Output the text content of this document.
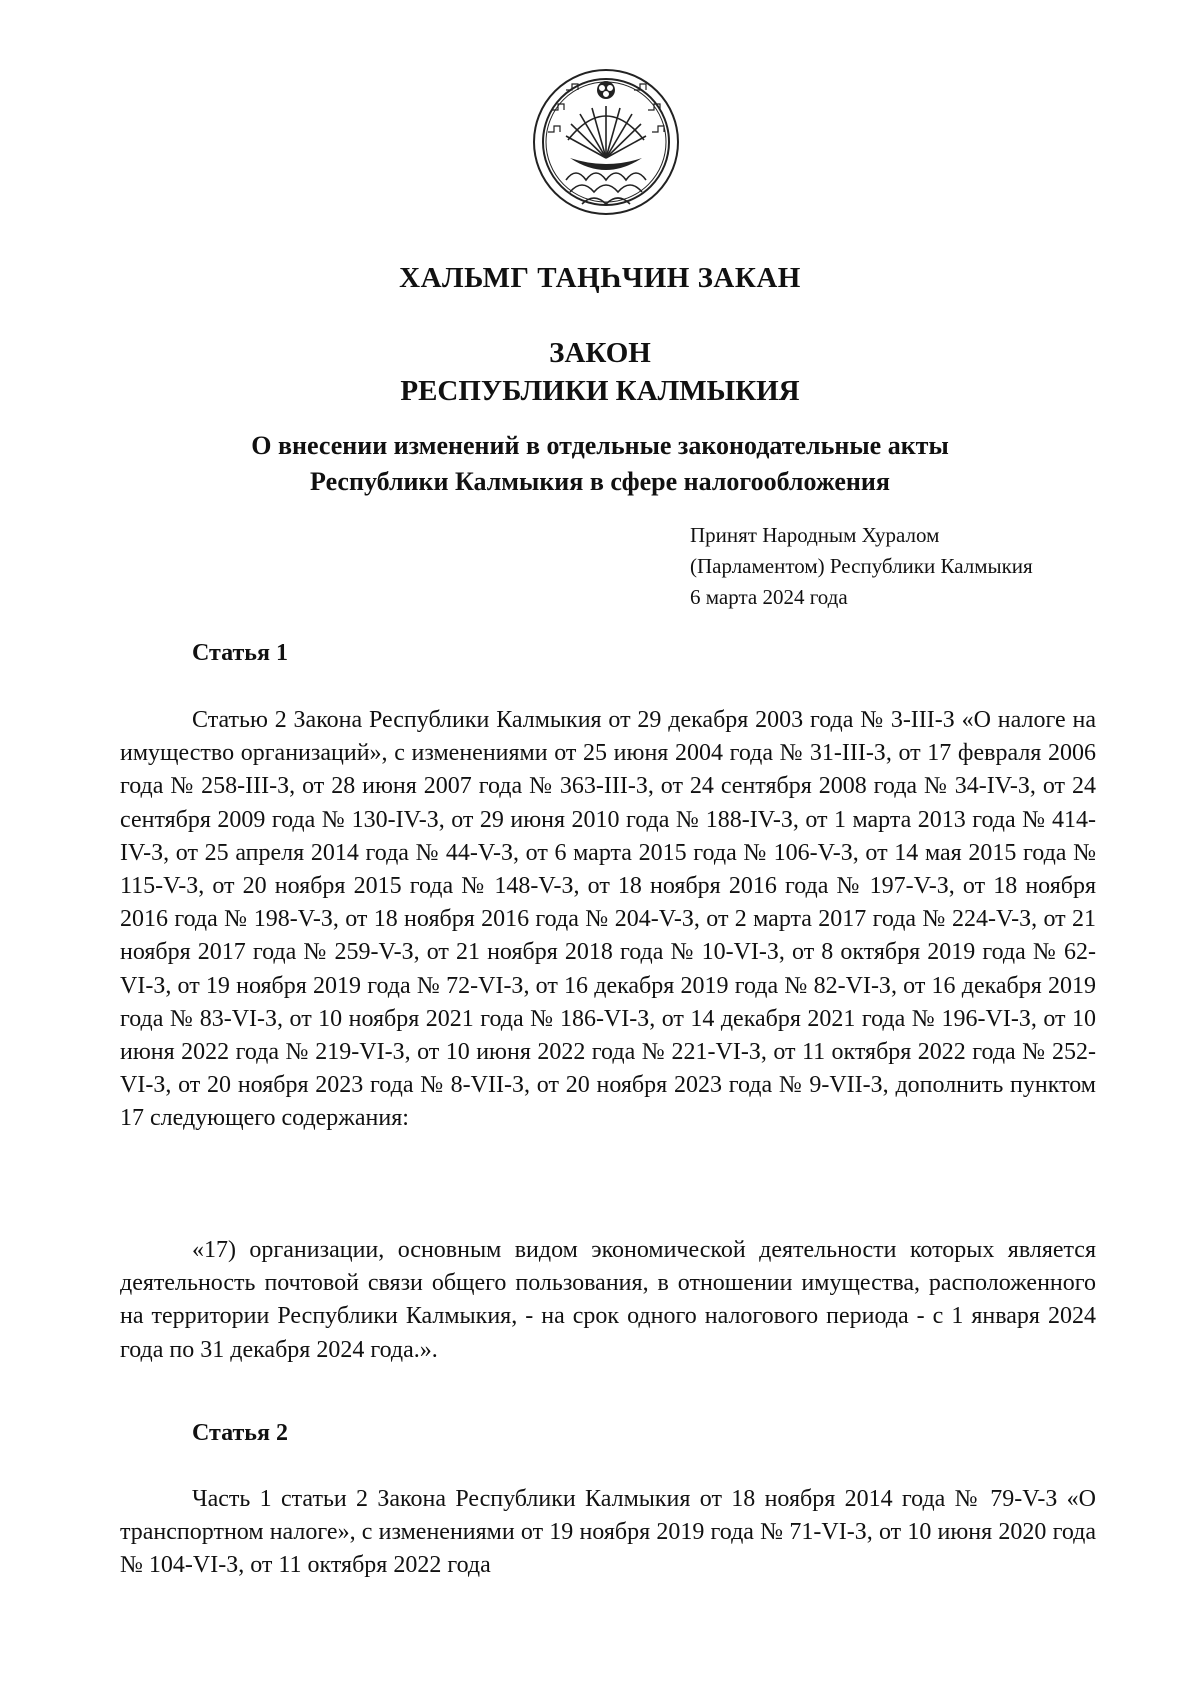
ХАЛЬМГ ТАҢҺЧИН ЗАКАН
ЗАКОН
РЕСПУБЛИКИ КАЛМЫКИЯ
О внесении изменений в отдельные законодательные акты
Республики Калмыкия в сфере налогообложения
Принят Народным Хуралом
(Парламентом) Республики Калмыкия
6 марта 2024 года
Статья 1

Статью 2 Закона Республики Калмыкия от 29 декабря 2003 года № 3-III-З «О налоге на имущество организаций», с изменениями от 25 июня 2004 года № 31-III-З, от 17 февраля 2006 года № 258-III-З, от 28 июня 2007 года № 363-III-З, от 24 сентября 2008 года № 34-IV-З, от 24 сентября 2009 года № 130-IV-З, от 29 июня 2010 года № 188-IV-З, от 1 марта 2013 года № 414-IV-З, от 25 апреля 2014 года № 44-V-З, от 6 марта 2015 года № 106-V-З, от 14 мая 2015 года № 115-V-З, от 20 ноября 2015 года № 148-V-З, от 18 ноября 2016 года № 197-V-З, от 18 ноября 2016 года № 198-V-З, от 18 ноября 2016 года № 204-V-З, от 2 марта 2017 года № 224-V-З, от 21 ноября 2017 года № 259-V-З, от 21 ноября 2018 года № 10-VI-З, от 8 октября 2019 года № 62-VI-З, от 19 ноября 2019 года № 72-VI-З, от 16 декабря 2019 года № 82-VI-З, от 16 декабря 2019 года № 83-VI-З, от 10 ноября 2021 года № 186-VI-З, от 14 декабря 2021 года № 196-VI-З, от 10 июня 2022 года № 219-VI-З, от 10 июня 2022 года № 221-VI-З, от 11 октября 2022 года № 252-VI-З, от 20 ноября 2023 года № 8-VII-З, от 20 ноября 2023 года № 9-VII-З, дополнить пунктом 17 следующего содержания:

«17) организации, основным видом экономической деятельности которых является деятельность почтовой связи общего пользования, в отношении имущества, расположенного на территории Республики Калмыкия, - на срок одного налогового периода - с 1 января 2024 года по 31 декабря 2024 года.».

Статья 2

Часть 1 статьи 2 Закона Республики Калмыкия от 18 ноября 2014 года № 79-V-З «О транспортном налоге», с изменениями от 19 ноября 2019 года № 71-VI-З, от 10 июня 2020 года № 104-VI-З, от 11 октября 2022 года
